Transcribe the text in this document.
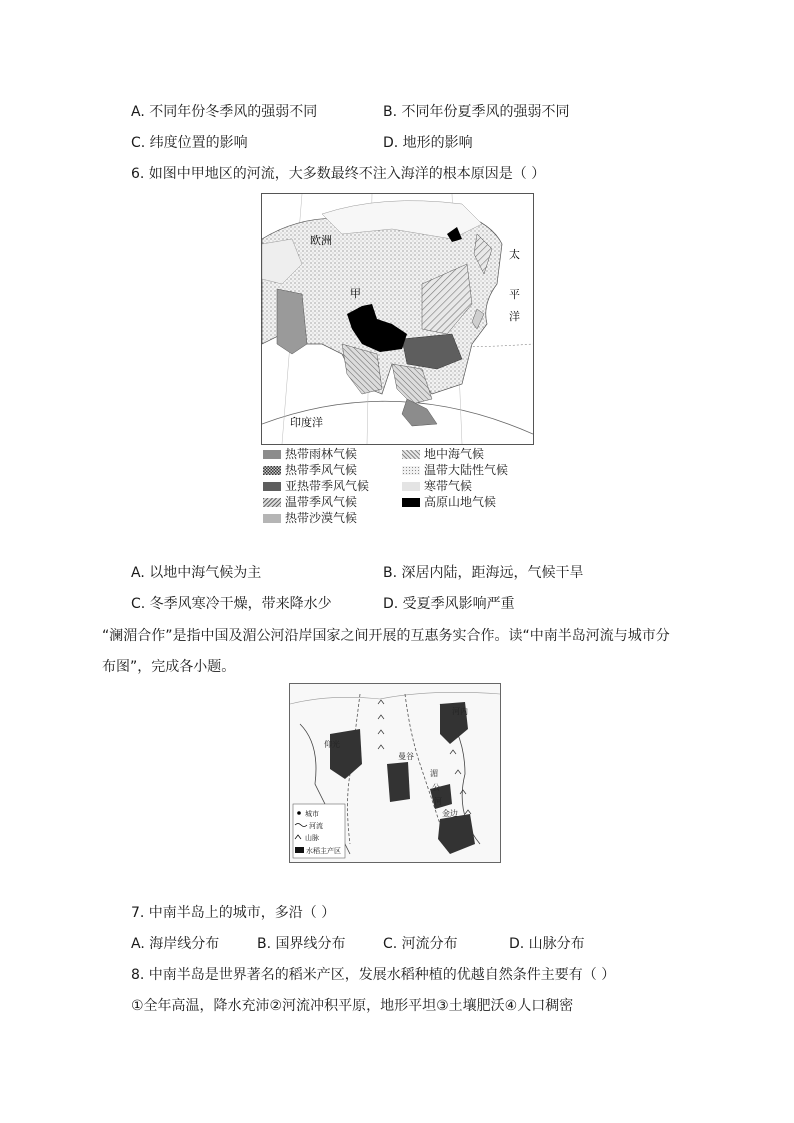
A. 不同年份冬季风的强弱不同	B. 不同年份夏季风的强弱不同
C. 纬度位置的影响	D. 地形的影响
6. 如图中甲地区的河流，大多数最终不注入海洋的根本原因是（ ）
欧洲
甲
太
平
洋
印度洋
热带雨林气候	地中海气候
热带季风气候	温带大陆性气候
亚热带季风气候	寒带气候
温带季风气候	高原山地气候
热带沙漠气候
A. 以地中海气候为主	B. 深居内陆，距海远，气候干旱
C. 冬季风寒冷干燥，带来降水少	D. 受夏季风影响严重
“澜湄合作”是指中国及湄公河沿岸国家之间开展的互惠务实合作。读“中南半岛河流与城市分
布图”，完成各小题。
仰光
曼谷
河内
金边
湄
公
河
城市
河流
山脉
水稻主产区
7. 中南半岛上的城市，多沿（ ）
A. 海岸线分布	B. 国界线分布	C. 河流分布	D. 山脉分布
8. 中南半岛是世界著名的稻米产区，发展水稻种植的优越自然条件主要有（ ）
①全年高温，降水充沛②河流冲积平原，地形平坦③土壤肥沃④人口稠密
